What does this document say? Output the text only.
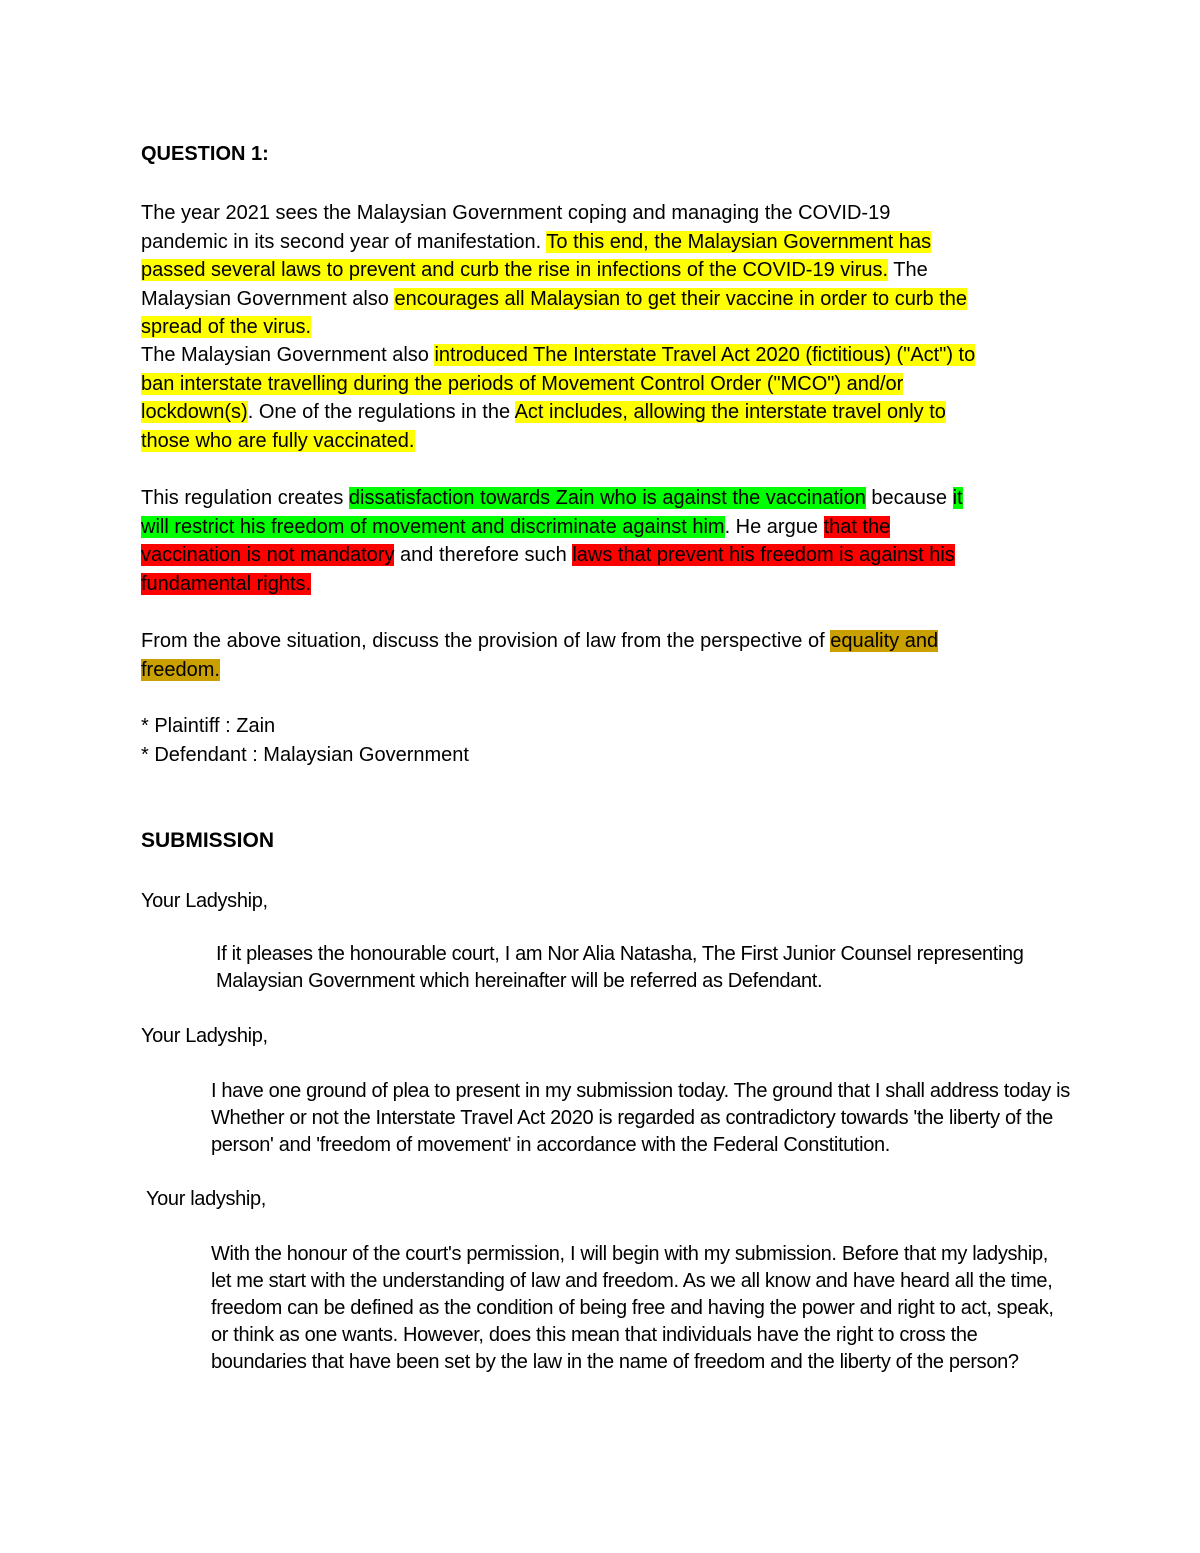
QUESTION 1:

The year 2021 sees the Malaysian Government coping and managing the COVID-19 pandemic in its second year of manifestation. To this end, the Malaysian Government has passed several laws to prevent and curb the rise in infections of the COVID-19 virus. The Malaysian Government also encourages all Malaysian to get their vaccine in order to curb the spread of the virus.

The Malaysian Government also introduced The Interstate Travel Act 2020 (fictitious) ("Act") to ban interstate travelling during the periods of Movement Control Order ("MCO") and/or lockdown(s). One of the regulations in the Act includes, allowing the interstate travel only to those who are fully vaccinated.

This regulation creates dissatisfaction towards Zain who is against the vaccination because it will restrict his freedom of movement and discriminate against him. He argue that the vaccination is not mandatory and therefore such laws that prevent his freedom is against his fundamental rights.

From the above situation, discuss the provision of law from the perspective of equality and freedom.

* Plaintiff : Zain

* Defendant : Malaysian Government

SUBMISSION

Your Ladyship,

If it pleases the honourable court, I am Nor Alia Natasha, The First Junior Counsel representing Malaysian Government which hereinafter will be referred as Defendant.

Your Ladyship,

I have one ground of plea to present in my submission today. The ground that I shall address today is Whether or not the Interstate Travel Act 2020 is regarded as contradictory towards 'the liberty of the person' and 'freedom of movement' in accordance with the Federal Constitution.

Your ladyship,

With the honour of the court's permission, I will begin with my submission. Before that my ladyship, let me start with the understanding of law and freedom. As we all know and have heard all the time, freedom can be defined as the condition of being free and having the power and right to act, speak, or think as one wants. However, does this mean that individuals have the right to cross the boundaries that have been set by the law in the name of freedom and the liberty of the person?
